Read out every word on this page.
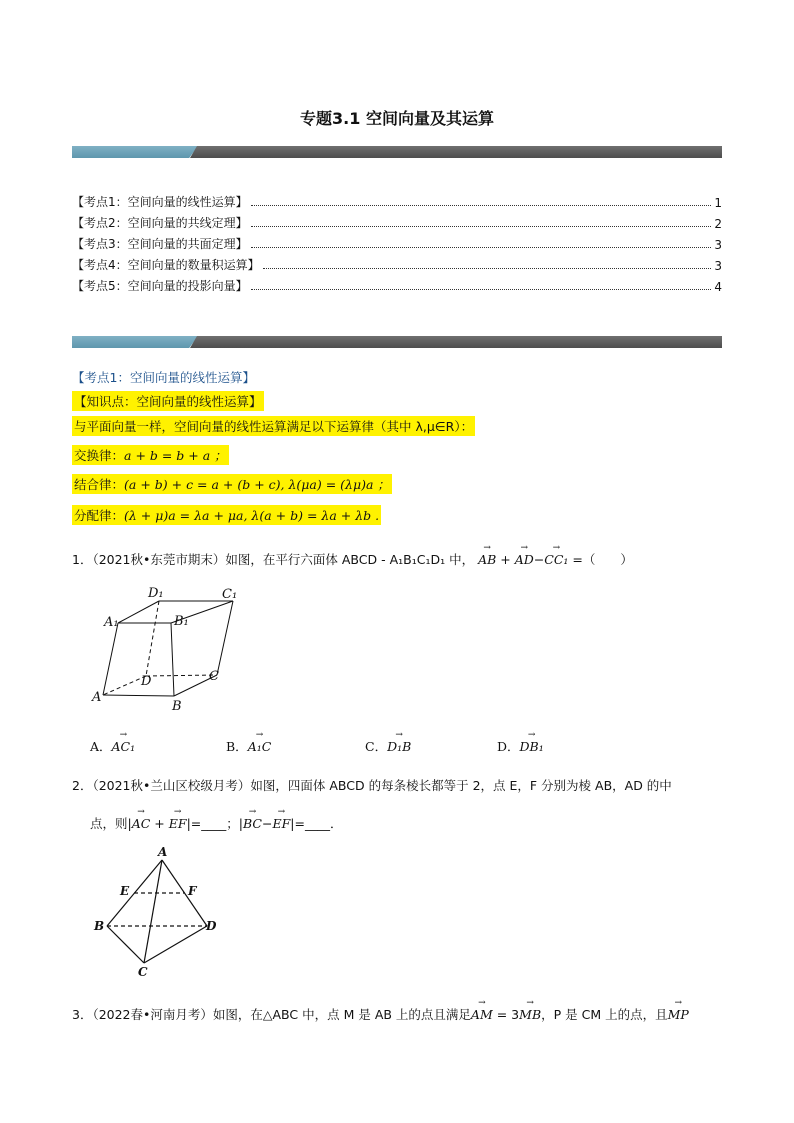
专题3.1 空间向量及其运算
【考点1：空间向量的线性运算】	1
【考点2：空间向量的共线定理】	2
【考点3：空间向量的共面定理】	3
【考点4：空间向量的数量积运算】	3
【考点5：空间向量的投影向量】	4
【考点1：空间向量的线性运算】
【知识点：空间向量的线性运算】
与平面向量一样，空间向量的线性运算满足以下运算律（其中 λ,μ∈R）：
交换律：a + b = b + a ；
结合律：(a + b) + c = a + (b + c), λ(μa) = (λμ)a ；
分配律：(λ + μ)a = λa + μa, λ(a + b) = λa + λb .
1．（2021秋•东莞市期末）如图，在平行六面体 ABCD - A₁B₁C₁D₁ 中， → AB + → AD−→ CC₁ =（　　）
D₁	C₁
A₁	B₁
D	C
A
B
A．→ AC₁	B．→ A₁C	C．→ D₁B	D．→ DB₁
2．（2021秋•兰山区校级月考）如图，四面体 ABCD 的每条棱长都等于 2，点 E，F 分别为棱 AB，AD 的中
点，则|→ AC + → EF|=____；|→ BC−→ EF|=____．
A
E	F
B	D
C
3．（2022春•河南月考）如图，在△ABC 中，点 M 是 AB 上的点且满足→ AM = 3→ MB，P 是 CM 上的点，且→ MP
